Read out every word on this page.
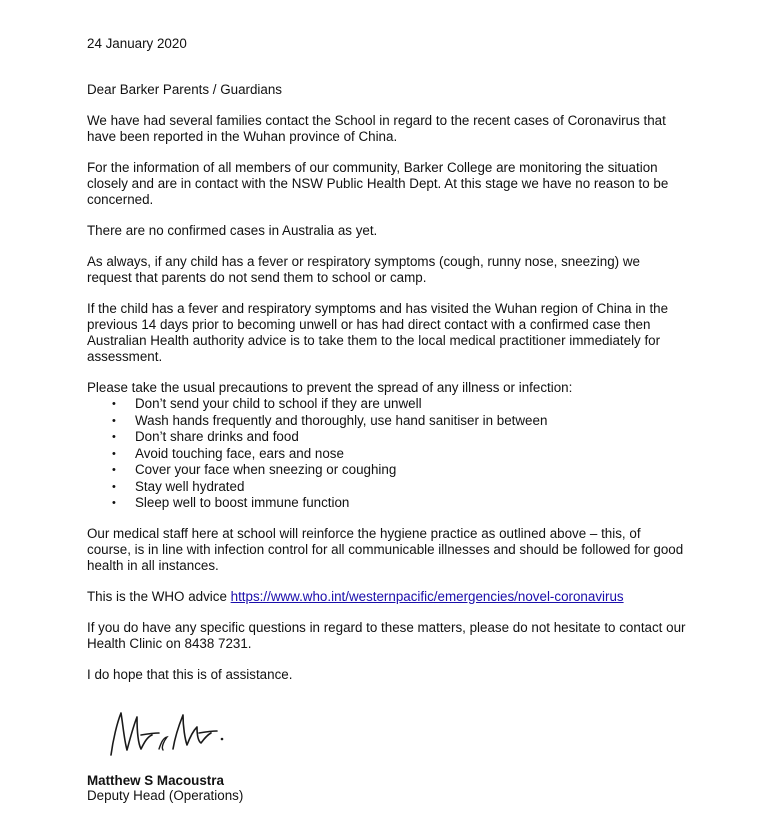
24 January 2020

Dear Barker Parents / Guardians

We have had several families contact the School in regard to the recent cases of Coronavirus that have been reported in the Wuhan province of China.

For the information of all members of our community, Barker College are monitoring the situation closely and are in contact with the NSW Public Health Dept. At this stage we have no reason to be concerned.

There are no confirmed cases in Australia as yet.

As always, if any child has a fever or respiratory symptoms (cough, runny nose, sneezing) we request that parents do not send them to school or camp.

If the child has a fever and respiratory symptoms and has visited the Wuhan region of China in the previous 14 days prior to becoming unwell or has had direct contact with a confirmed case then Australian Health authority advice is to take them to the local medical practitioner immediately for assessment.

Please take the usual precautions to prevent the spread of any illness or infection:

• Don’t send your child to school if they are unwell
• Wash hands frequently and thoroughly, use hand sanitiser in between
• Don’t share drinks and food
• Avoid touching face, ears and nose
• Cover your face when sneezing or coughing
• Stay well hydrated
• Sleep well to boost immune function

Our medical staff here at school will reinforce the hygiene practice as outlined above – this, of course, is in line with infection control for all communicable illnesses and should be followed for good health in all instances.

This is the WHO advice https://www.who.int/westernpacific/emergencies/novel-coronavirus

If you do have any specific questions in regard to these matters, please do not hesitate to contact our Health Clinic on 8438 7231.

I do hope that this is of assistance.

Matthew S Macoustra
Deputy Head (Operations)
